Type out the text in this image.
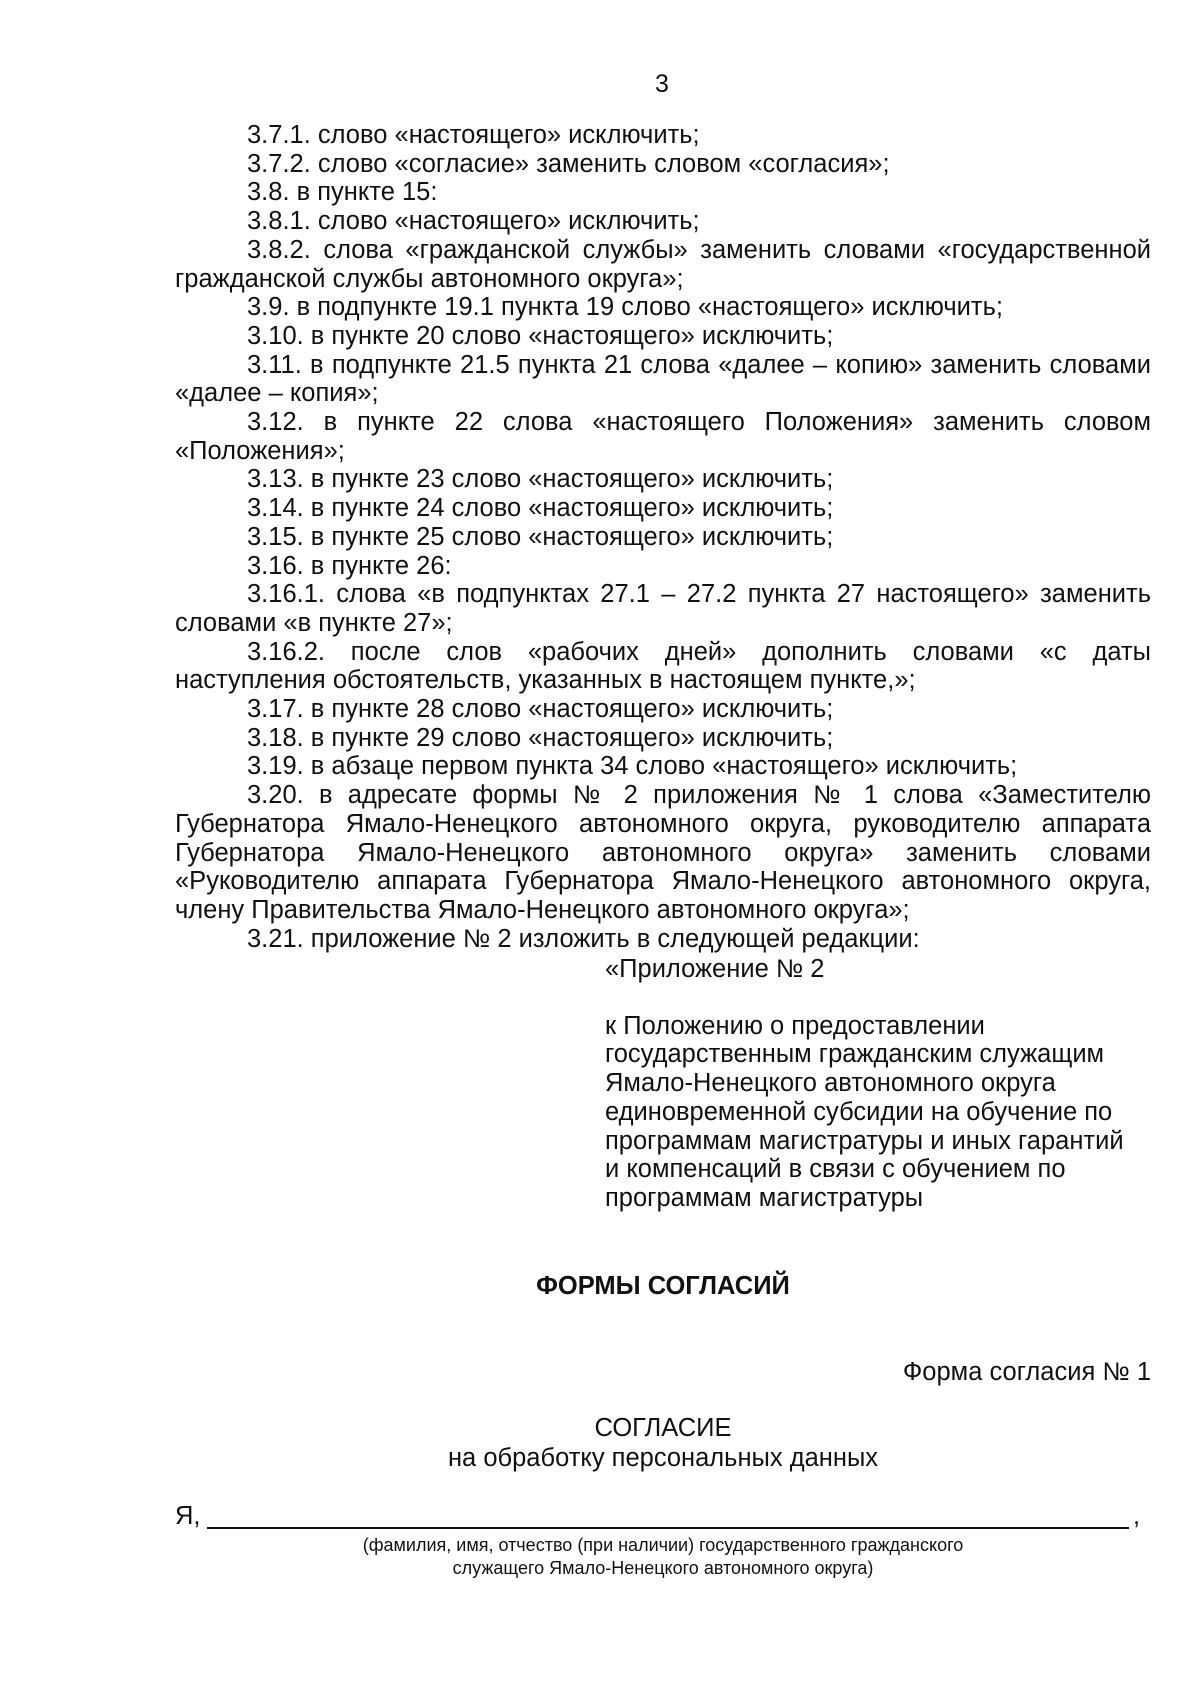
3

3.7.1. слово «настоящего» исключить;

3.7.2. слово «согласие» заменить словом «согласия»;

3.8. в пункте 15:

3.8.1. слово «настоящего» исключить;

3.8.2. слова «гражданской службы» заменить словами «государственной гражданской службы автономного округа»;

3.9. в подпункте 19.1 пункта 19 слово «настоящего» исключить;

3.10. в пункте 20 слово «настоящего» исключить;

3.11. в подпункте 21.5 пункта 21 слова «далее – копию» заменить словами «далее – копия»;

3.12. в пункте 22 слова «настоящего Положения» заменить словом «Положения»;

3.13. в пункте 23 слово «настоящего» исключить;

3.14. в пункте 24 слово «настоящего» исключить;

3.15. в пункте 25 слово «настоящего» исключить;

3.16. в пункте 26:

3.16.1. слова «в подпунктах 27.1 – 27.2 пункта 27 настоящего» заменить словами «в пункте 27»;

3.16.2. после слов «рабочих дней» дополнить словами «с даты наступления обстоятельств, указанных в настоящем пункте,»;

3.17. в пункте 28 слово «настоящего» исключить;

3.18. в пункте 29 слово «настоящего» исключить;

3.19. в абзаце первом пункта 34 слово «настоящего» исключить;

3.20. в адресате формы № 2 приложения № 1 слова «Заместителю Губернатора Ямало-Ненецкого автономного округа, руководителю аппарата Губернатора Ямало-Ненецкого автономного округа» заменить словами «Руководителю аппарата Губернатора Ямало-Ненецкого автономного округа, члену Правительства Ямало-Ненецкого автономного округа»;

3.21. приложение № 2 изложить в следующей редакции:

«Приложение № 2

к Положению о предоставлении
государственным гражданским служащим
Ямало-Ненецкого автономного округа
единовременной субсидии на обучение по
программам магистратуры и иных гарантий
и компенсаций в связи с обучением по
программам магистратуры
ФОРМЫ СОГЛАСИЙ
Форма согласия № 1
СОГЛАСИЕ
на обработку персональных данных
Я,	,
(фамилия, имя, отчество (при наличии) государственного гражданского
служащего Ямало-Ненецкого автономного округа)
